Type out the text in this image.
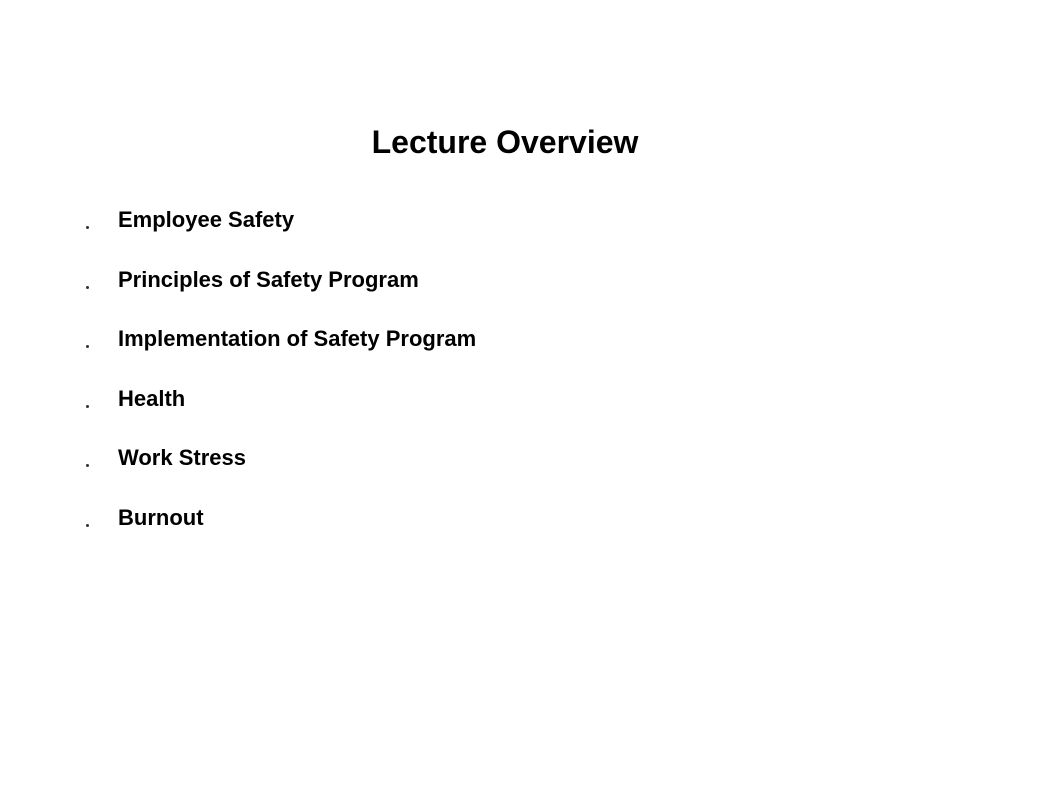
Lecture Overview
Employee Safety
Principles of Safety Program
Implementation of Safety Program
Health
Work Stress
Burnout
